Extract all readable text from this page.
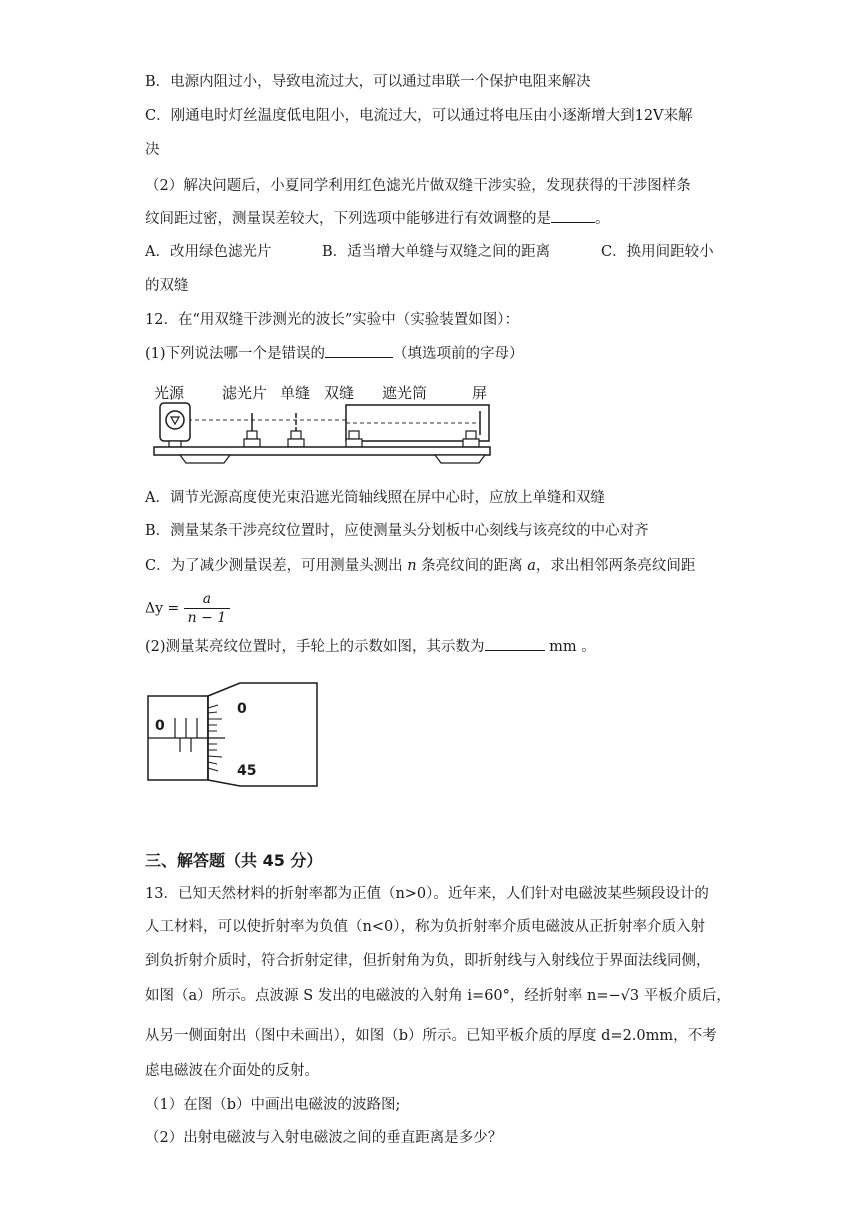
B．电源内阻过小，导致电流过大，可以通过串联一个保护电阻来解决
C．刚通电时灯丝温度低电阻小，电流过大，可以通过将电压由小逐渐增大到12V来解
决
（2）解决问题后，小夏同学利用红色滤光片做双缝干涉实验，发现获得的干涉图样条
纹间距过密，测量误差较大，下列选项中能够进行有效调整的是	。
A．改用绿色滤光片	B．适当增大单缝与双缝之间的距离	C．换用间距较小
的双缝
12．在“用双缝干涉测光的波长”实验中（实验装置如图）：
(1)下列说法哪一个是错误的	（填选项前的字母）
光源	滤光片 单缝 双缝 遮光筒	屏
A．调节光源高度使光束沿遮光筒轴线照在屏中心时，应放上单缝和双缝
B．测量某条干涉亮纹位置时，应使测量头分划板中心刻线与该亮纹的中心对齐
C．为了减少测量误差，可用测量头测出 n 条亮纹间的距离 a，求出相邻两条亮纹间距
$\Delta y = \frac{a}{n - 1}$
(2)测量某亮纹位置时，手轮上的示数如图，其示数为	mm 。
0
0
45
三、解答题（共 45 分）
13．已知天然材料的折射率都为正值（n>0）。近年来，人们针对电磁波某些频段设计的
人工材料，可以使折射率为负值（n<0），称为负折射率介质电磁波从正折射率介质入射
到负折射介质时，符合折射定律，但折射角为负，即折射线与入射线位于界面法线同侧，
如图（a）所示。点波源 S 发出的电磁波的入射角 i=60°，经折射率 n=−√3 平板介质后，
从另一侧面射出（图中未画出），如图（b）所示。已知平板介质的厚度 d=2.0mm，不考
虑电磁波在介面处的反射。
（1）在图（b）中画出电磁波的波路图;
（2）出射电磁波与入射电磁波之间的垂直距离是多少？
